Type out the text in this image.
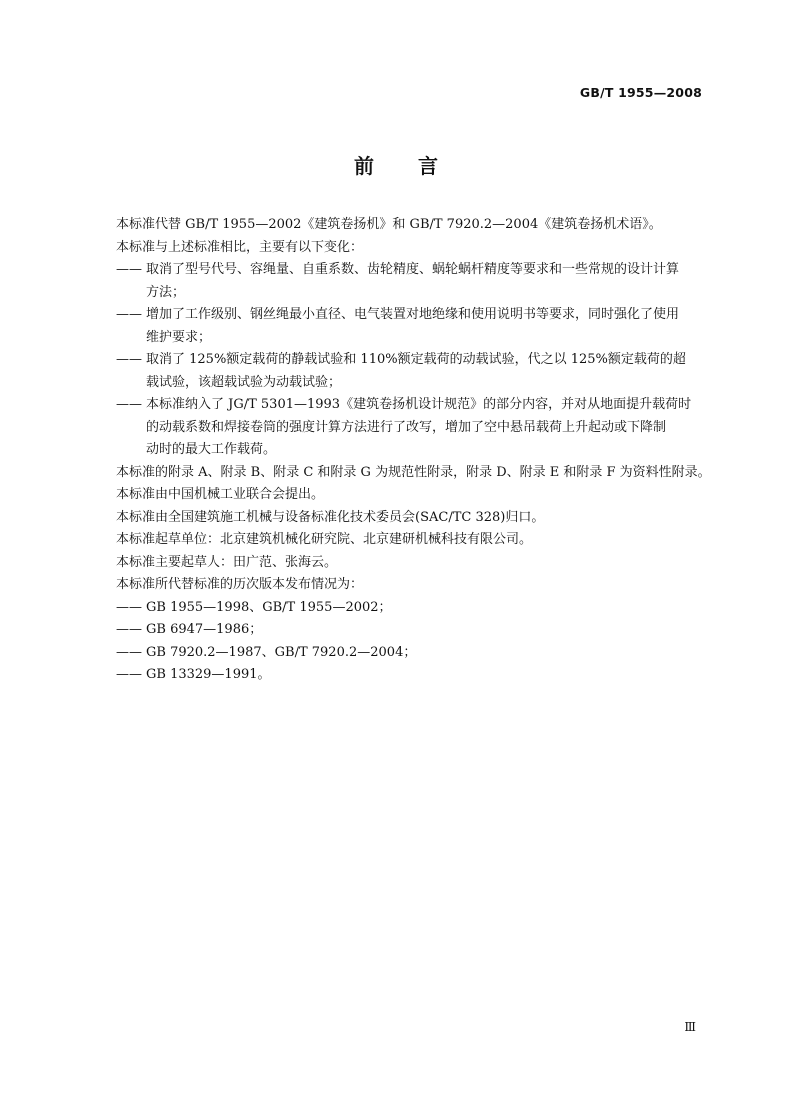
GB/T 1955—2008
前 言

本标准代替 GB/T 1955—2002《建筑卷扬机》和 GB/T 7920.2—2004《建筑卷扬机术语》。

本标准与上述标准相比，主要有以下变化：

—— 取消了型号代号、容绳量、自重系数、齿轮精度、蜗轮蜗杆精度等要求和一些常规的设计计算
方法；
—— 增加了工作级别、钢丝绳最小直径、电气装置对地绝缘和使用说明书等要求，同时强化了使用
维护要求；
—— 取消了 125%额定载荷的静载试验和 110%额定载荷的动载试验，代之以 125%额定载荷的超
载试验，该超载试验为动载试验；
—— 本标准纳入了 JG/T 5301—1993《建筑卷扬机设计规范》的部分内容，并对从地面提升载荷时
的动载系数和焊接卷筒的强度计算方法进行了改写，增加了空中悬吊载荷上升起动或下降制
动时的最大工作载荷。

本标准的附录 A、附录 B、附录 C 和附录 G 为规范性附录，附录 D、附录 E 和附录 F 为资料性附录。

本标准由中国机械工业联合会提出。

本标准由全国建筑施工机械与设备标准化技术委员会(SAC/TC 328)归口。

本标准起草单位：北京建筑机械化研究院、北京建研机械科技有限公司。

本标准主要起草人：田广范、张海云。

本标准所代替标准的历次版本发布情况为：

—— GB 1955—1998、GB/T 1955—2002；
—— GB 6947—1986；
—— GB 7920.2—1987、GB/T 7920.2—2004；
—— GB 13329—1991。
Ⅲ
